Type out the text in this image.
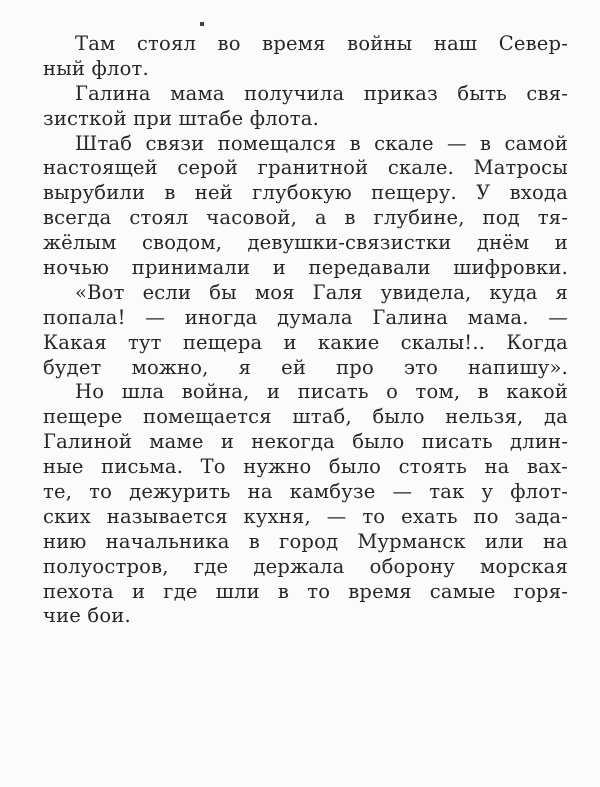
Там стоял во время войны наш Север-
ный флот.
Галина мама получила приказ быть свя-
зисткой при штабе флота.
Штаб связи помещался в скале — в самой
настоящей серой гранитной скале. Матросы
вырубили в ней глубокую пещеру. У входа
всегда стоял часовой, а в глубине, под тя-
жёлым сводом, девушки-связистки днём и
ночью принимали и передавали шифровки.
«Вот если бы моя Галя увидела, куда я
попала! — иногда думала Галина мама. —
Какая тут пещера и какие скалы!.. Когда
будет можно, я ей про это напишу».
Но шла война, и писать о том, в какой
пещере помещается штаб, было нельзя, да
Галиной маме и некогда было писать длин-
ные письма. То нужно было стоять на вах-
те, то дежурить на камбузе — так у флот-
ских называется кухня, — то ехать по зада-
нию начальника в город Мурманск или на
полуостров, где держала оборону морская
пехота и где шли в то время самые горя-
чие бои.
